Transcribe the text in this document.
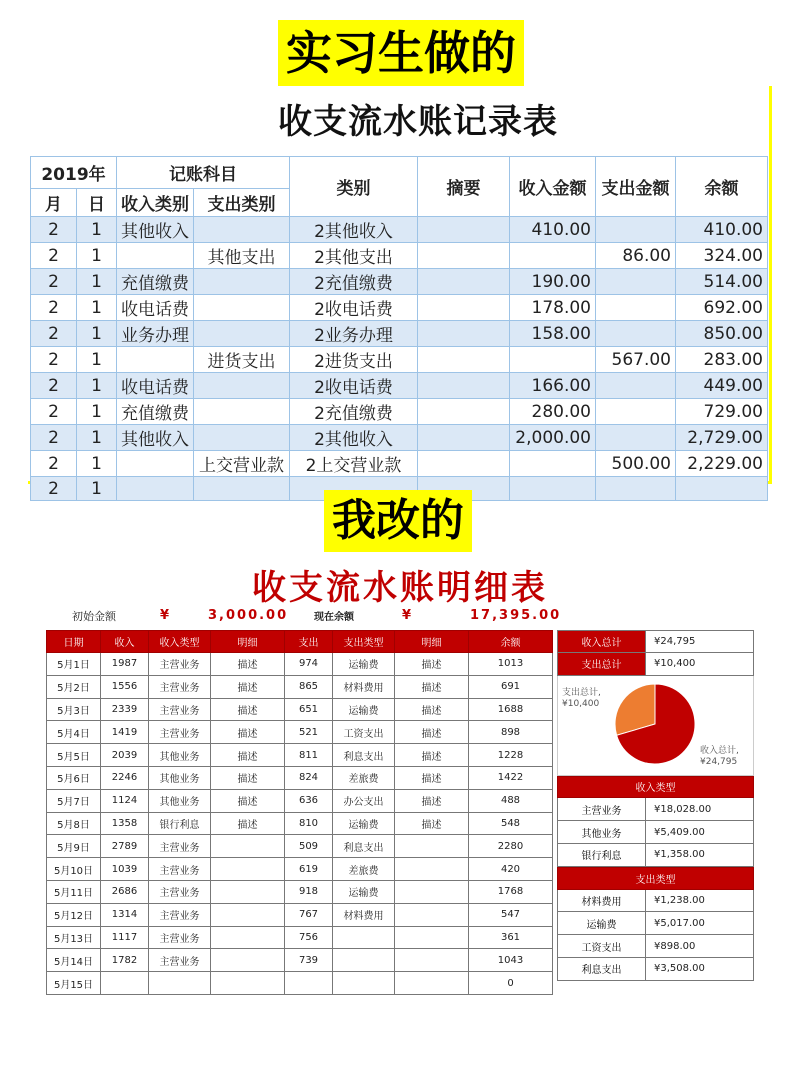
实习生做的
收支流水账记录表
2019年		记账科目		类别	摘要	收入金额	支出金额	余额
月	日	收入类别	支出类别					
2	1	其他收入		2其他收入		410.00		410.00
2	1		其他支出	2其他支出			86.00	324.00
2	1	充值缴费		2充值缴费		190.00		514.00
2	1	收电话费		2收电话费		178.00		692.00
2	1	业务办理		2业务办理		158.00		850.00
2	1		进货支出	2进货支出			567.00	283.00
2	1	收电话费		2收电话费		166.00		449.00
2	1	充值缴费		2充值缴费		280.00		729.00
2	1	其他收入		2其他收入		2,000.00		2,729.00
2	1		上交营业款	2上交营业款			500.00	2,229.00
2	1							
我改的
收支流水账明细表
初始金额	¥	3,000.00	现在余额	¥	17,395.00
日期	收入	收入类型	明细	支出	支出类型	明细	余额
5月1日	1987	主营业务	描述	974	运输费	描述	1013
5月2日	1556	主营业务	描述	865	材料费用	描述	691
5月3日	2339	主营业务	描述	651	运输费	描述	1688
5月4日	1419	主营业务	描述	521	工资支出	描述	898
5月5日	2039	其他业务	描述	811	利息支出	描述	1228
5月6日	2246	其他业务	描述	824	差旅费	描述	1422
5月7日	1124	其他业务	描述	636	办公支出	描述	488
5月8日	1358	银行利息	描述	810	运输费	描述	548
5月9日	2789	主营业务		509	利息支出		2280
5月10日	1039	主营业务		619	差旅费		420
5月11日	2686	主营业务		918	运输费		1768
5月12日	1314	主营业务		767	材料费用		547
5月13日	1117	主营业务		756			361
5月14日	1782	主营业务		739			1043
5月15日							0
收入总计	¥24,795
支出总计	¥10,400
支出总计,
¥10,400
收入总计,
¥24,795
收入类型
主营业务	¥18,028.00
其他业务	¥5,409.00
银行利息	¥1,358.00
支出类型
材料费用	¥1,238.00
运输费	¥5,017.00
工资支出	¥898.00
利息支出	¥3,508.00
